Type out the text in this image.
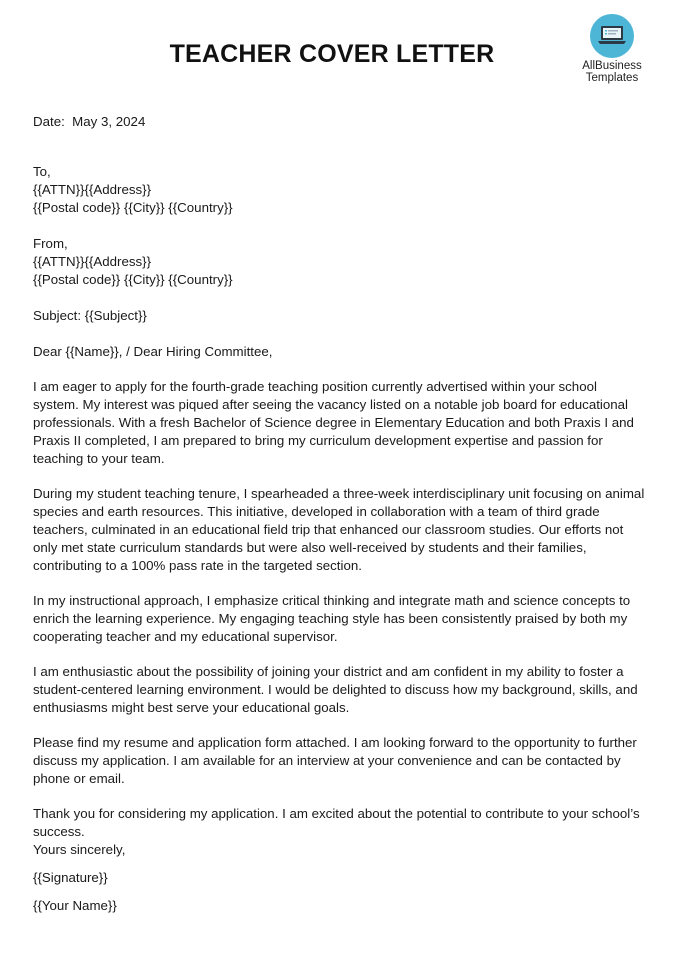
TEACHER COVER LETTER	AllBusiness
Templates
Date:  May 3, 2024
To,
{{ATTN}}{{Address}}
{{Postal code}} {{City}} {{Country}}
From,
{{ATTN}}{{Address}}
{{Postal code}} {{City}} {{Country}}
Subject: {{Subject}}
Dear {{Name}}, / Dear Hiring Committee,
I am eager to apply for the fourth-grade teaching position currently advertised within your school system. My interest was piqued after seeing the vacancy listed on a notable job board for educational professionals. With a fresh Bachelor of Science degree in Elementary Education and both Praxis I and Praxis II completed, I am prepared to bring my curriculum development expertise and passion for teaching to your team.
During my student teaching tenure, I spearheaded a three-week interdisciplinary unit focusing on animal species and earth resources. This initiative, developed in collaboration with a team of third grade teachers, culminated in an educational field trip that enhanced our classroom studies. Our efforts not only met state curriculum standards but were also well-received by students and their families, contributing to a 100% pass rate in the targeted section.
In my instructional approach, I emphasize critical thinking and integrate math and science concepts to enrich the learning experience. My engaging teaching style has been consistently praised by both my cooperating teacher and my educational supervisor.
I am enthusiastic about the possibility of joining your district and am confident in my ability to foster a student-centered learning environment. I would be delighted to discuss how my background, skills, and enthusiasms might best serve your educational goals.
Please find my resume and application form attached. I am looking forward to the opportunity to further discuss my application. I am available for an interview at your convenience and can be contacted by phone or email.
Thank you for considering my application. I am excited about the potential to contribute to your school’s success.
Yours sincerely,
{{Signature}}
{{Your Name}}
